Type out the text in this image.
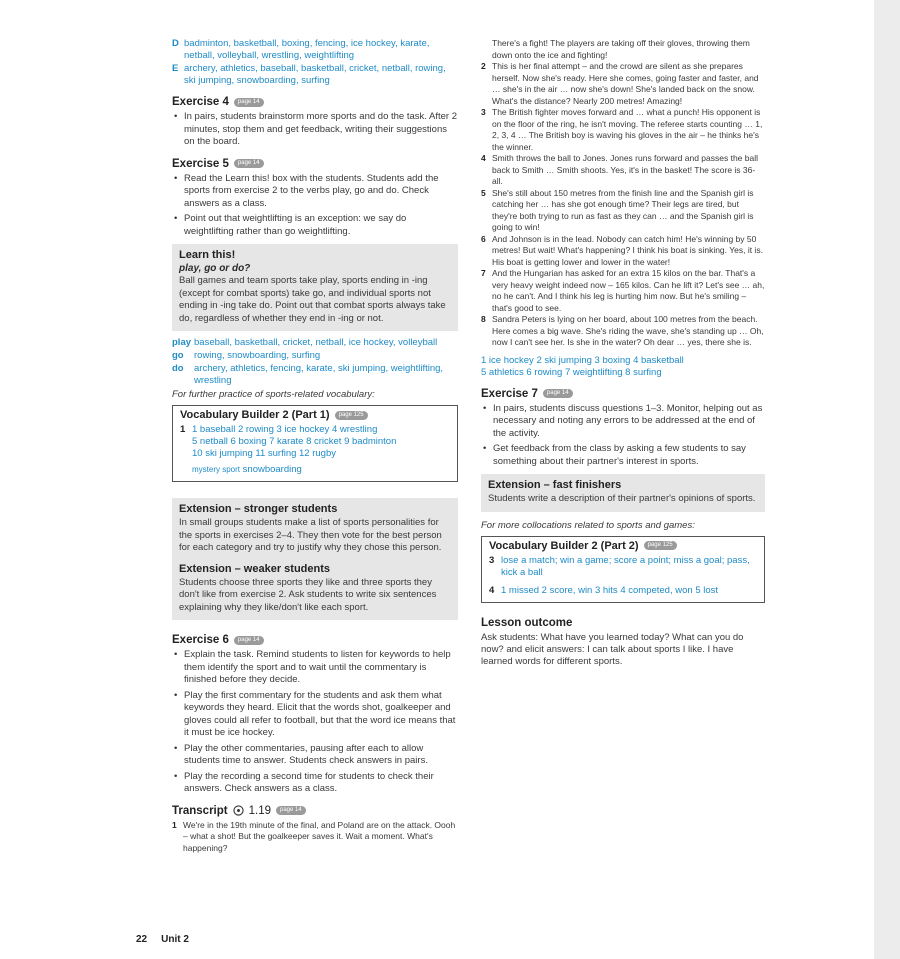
D badminton, basketball, boxing, fencing, ice hockey, karate, netball, volleyball, wrestling, weightlifting
E archery, athletics, baseball, basketball, cricket, netball, rowing, ski jumping, snowboarding, surfing
Exercise 4	page 14
• In pairs, students brainstorm more sports and do the task. After 2 minutes, stop them and get feedback, writing their suggestions on the board.
Exercise 5	page 14
• Read the Learn this! box with the students. Students add the sports from exercise 2 to the verbs play, go and do. Check answers as a class.
• Point out that weightlifting is an exception: we say do weightlifting rather than go weightlifting.
Learn this!
play, go or do?

Ball games and team sports take play, sports ending in -ing (except for combat sports) take go, and individual sports not ending in -ing take do. Point out that combat sports always take do, regardless of whether they end in -ing or not.

play baseball, basketball, cricket, netball, ice hockey, volleyball
go	rowing, snowboarding, surfing
do	archery, athletics, fencing, karate, ski jumping, weightlifting, wrestling
For further practice of sports-related vocabulary:
Vocabulary Builder 2 (Part 1)	page 125
1 1 baseball 2 rowing 3 ice hockey 4 wrestling
5 netball 6 boxing 7 karate 8 cricket 9 badminton
10 ski jumping 11 surfing 12 rugby
mystery sport snowboarding
Extension – stronger students

In small groups students make a list of sports personalities for the sports in exercises 2–4. They then vote for the best person for each category and try to justify why they chose this person.

Extension – weaker students

Students choose three sports they like and three sports they don't like from exercise 2. Ask students to write six sentences explaining why they like/don't like each sport.

Exercise 6	page 14
• Explain the task. Remind students to listen for keywords to help them identify the sport and to wait until the commentary is finished before they decide.
• Play the first commentary for the students and ask them what keywords they heard. Elicit that the words shot, goalkeeper and gloves could all refer to football, but that the word ice means that it must be ice hockey.
• Play the other commentaries, pausing after each to allow students time to answer. Students check answers in pairs.
• Play the recording a second time for students to check their answers. Check answers as a class.
Transcript 1.19	page 14
1 We're in the 19th minute of the final, and Poland are on the attack. Oooh – what a shot! But the goalkeeper saves it. Wait a moment. What's happening?
There's a fight! The players are taking off their gloves, throwing them down onto the ice and fighting!
2 This is her final attempt – and the crowd are silent as she prepares herself. Now she's ready. Here she comes, going faster and faster, and … she's in the air … now she's down! She's landed back on the snow. What's the distance? Nearly 200 metres! Amazing!
3 The British fighter moves forward and … what a punch! His opponent is on the floor of the ring, he isn't moving. The referee starts counting … 1, 2, 3, 4 … The British boy is waving his gloves in the air – he thinks he's the winner.
4 Smith throws the ball to Jones. Jones runs forward and passes the ball back to Smith … Smith shoots. Yes, it's in the basket! The score is 36-all.
5 She's still about 150 metres from the finish line and the Spanish girl is catching her … has she got enough time? Their legs are tired, but they're both trying to run as fast as they can … and the Spanish girl is going to win!
6 And Johnson is in the lead. Nobody can catch him! He's winning by 50 metres! But wait! What's happening? I think his boat is sinking. Yes, it is. His boat is getting lower and lower in the water!
7 And the Hungarian has asked for an extra 15 kilos on the bar. That's a very heavy weight indeed now – 165 kilos. Can he lift it? Let's see … ah, no he can't. And I think his leg is hurting him now. But he's smiling – that's good to see.
8 Sandra Peters is lying on her board, about 100 metres from the beach. Here comes a big wave. She's riding the wave, she's standing up … Oh, now I can't see her. Is she in the water? Oh dear … yes, there she is.
1 ice hockey 2 ski jumping 3 boxing 4 basketball
5 athletics 6 rowing 7 weightlifting 8 surfing
Exercise 7	page 14
• In pairs, students discuss questions 1–3. Monitor, helping out as necessary and noting any errors to be addressed at the end of the activity.
• Get feedback from the class by asking a few students to say something about their partner's interest in sports.
Extension – fast finishers

Students write a description of their partner's opinions of sports.

For more collocations related to sports and games:
Vocabulary Builder 2 (Part 2)	page 125
3 lose a match; win a game; score a point; miss a goal; pass, kick a ball
4 1 missed 2 score, win 3 hits 4 competed, won 5 lost
Lesson outcome
Ask students: What have you learned today? What can you do now? and elicit answers: I can talk about sports I like. I have learned words for different sports.
22 Unit 2
